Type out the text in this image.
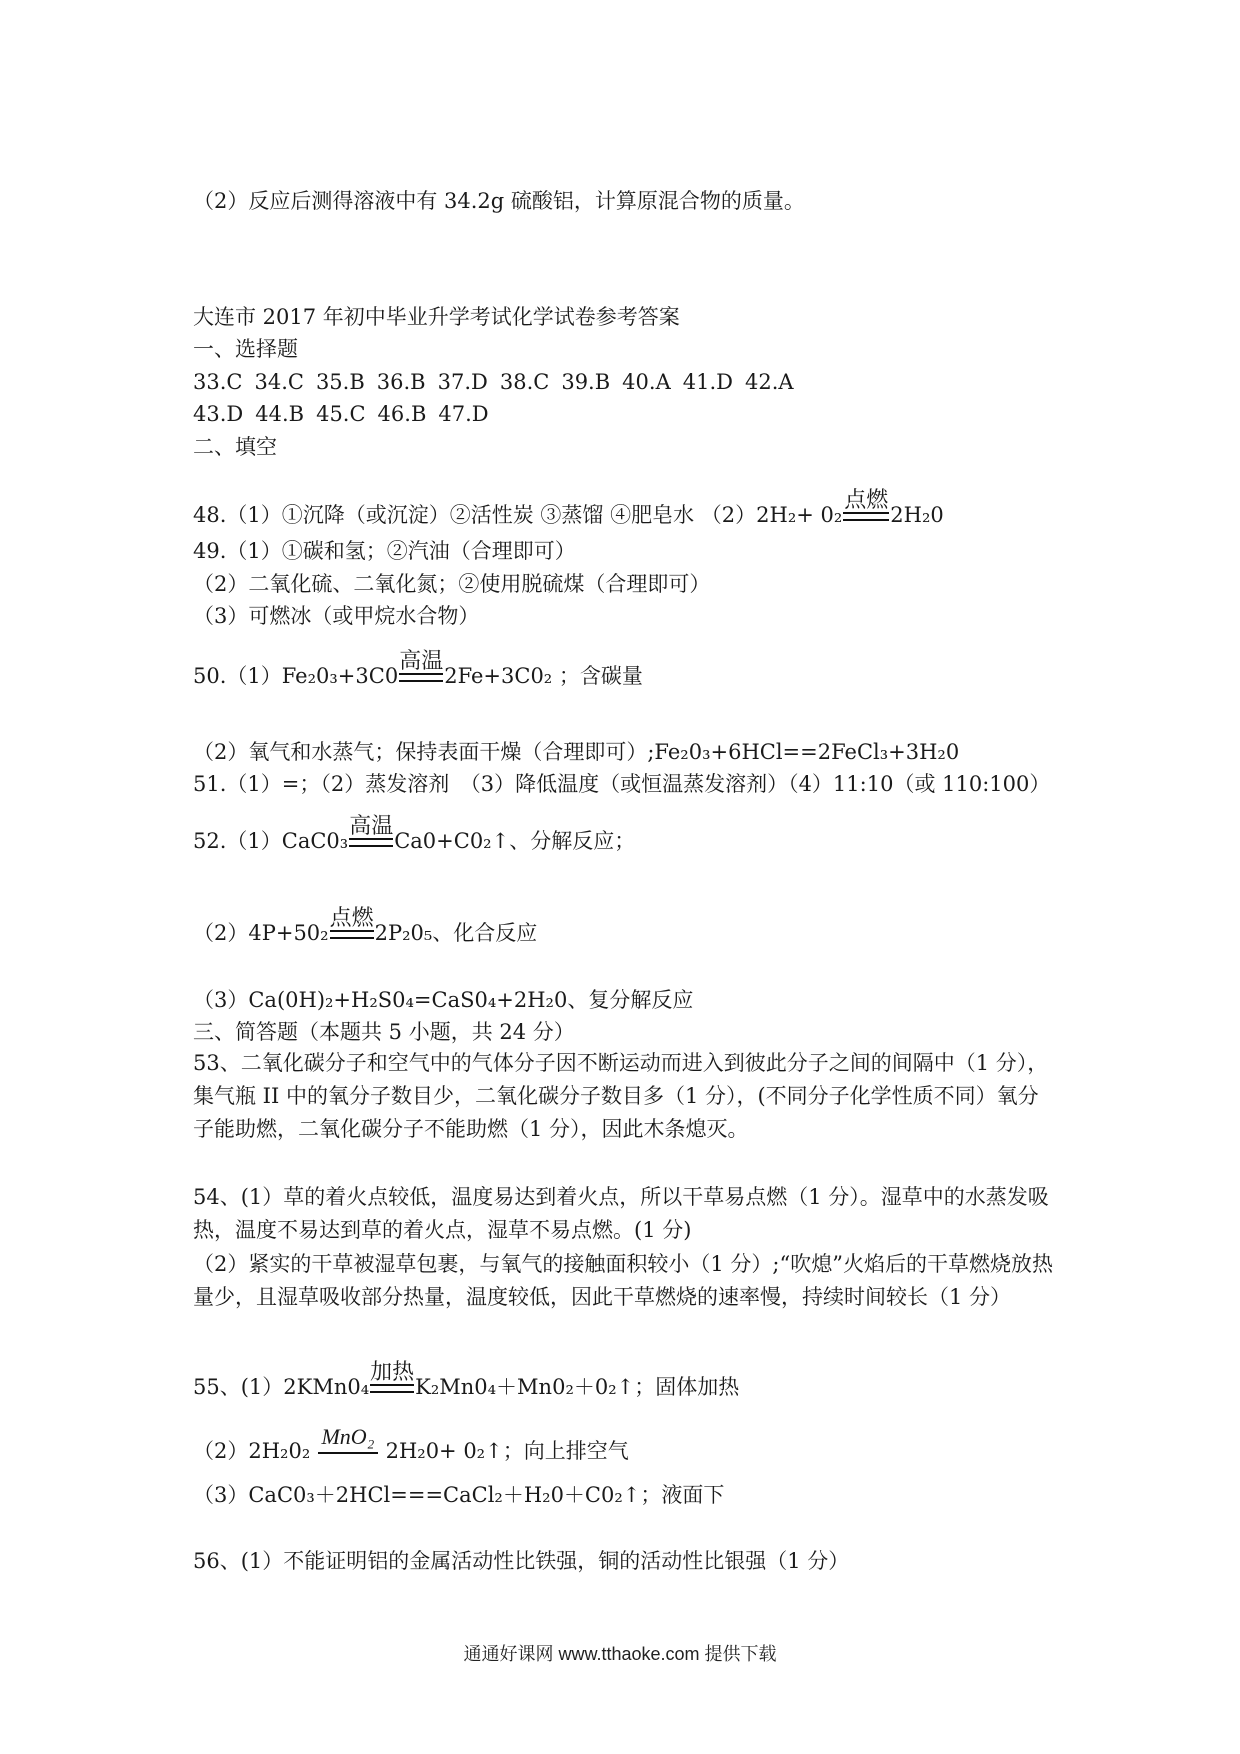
（2）反应后测得溶液中有 34.2g 硫酸铝，计算原混合物的质量。
大连市 2017 年初中毕业升学考试化学试卷参考答案
一、选择题
33.C 34.C 35.B 36.B 37.D 38.C 39.B 40.A 41.D 42.A
43.D 44.B 45.C 46.B 47.D
二、填空
48.（1）①沉降（或沉淀）②活性炭 ③蒸馏 ④肥皂水 （2）2H₂+ 0₂
点燃
2H₂0
49.（1）①碳和氢；②汽油（合理即可）
（2）二氧化硫、二氧化氮；②使用脱硫煤（合理即可）
（3）可燃冰（或甲烷水合物）
50.（1）Fe₂0₃+3C0
高温
2Fe+3C0₂ ；含碳量
（2）氧气和水蒸气；保持表面干燥（合理即可）;Fe₂0₃+6HCl==2FeCl₃+3H₂0
51.（1）=；（2）蒸发溶剂　（3）降低温度（或恒温蒸发溶剂）（4）11:10（或 110:100）
52.（1）CaC0₃
高温
Ca0+C0₂↑、分解反应；
（2）4P+50₂
点燃
2P₂0₅、化合反应
（3）Ca(0H)₂+H₂S0₄=CaS0₄+2H₂0、复分解反应
三、简答题（本题共 5 小题，共 24 分）
53、二氧化碳分子和空气中的气体分子因不断运动而进入到彼此分子之间的间隔中（1 分），集气瓶 II 中的氧分子数目少，二氧化碳分子数目多（1 分），(不同分子化学性质不同）氧分子能助燃，二氧化碳分子不能助燃（1 分），因此木条熄灭。
54、(1）草的着火点较低，温度易达到着火点，所以干草易点燃（1 分）。湿草中的水蒸发吸热，温度不易达到草的着火点，湿草不易点燃。(1 分)
（2）紧实的干草被湿草包裹，与氧气的接触面积较小（1 分）;“吹熄”火焰后的干草燃烧放热量少，且湿草吸收部分热量，温度较低，因此干草燃烧的速率慢，持续时间较长（1 分）
55、(1）2KMn0₄
加热
K₂Mn0₄＋Mn0₂＋0₂↑；固体加热
（2）2H₂0₂
MnO₂
2H₂0+ 0₂↑；向上排空气
（3）CaC0₃＋2HCl===CaCl₂＋H₂0＋C0₂↑；液面下
56、(1）不能证明铝的金属活动性比铁强，铜的活动性比银强（1 分）
通通好课网 www.tthaoke.com 提供下载
